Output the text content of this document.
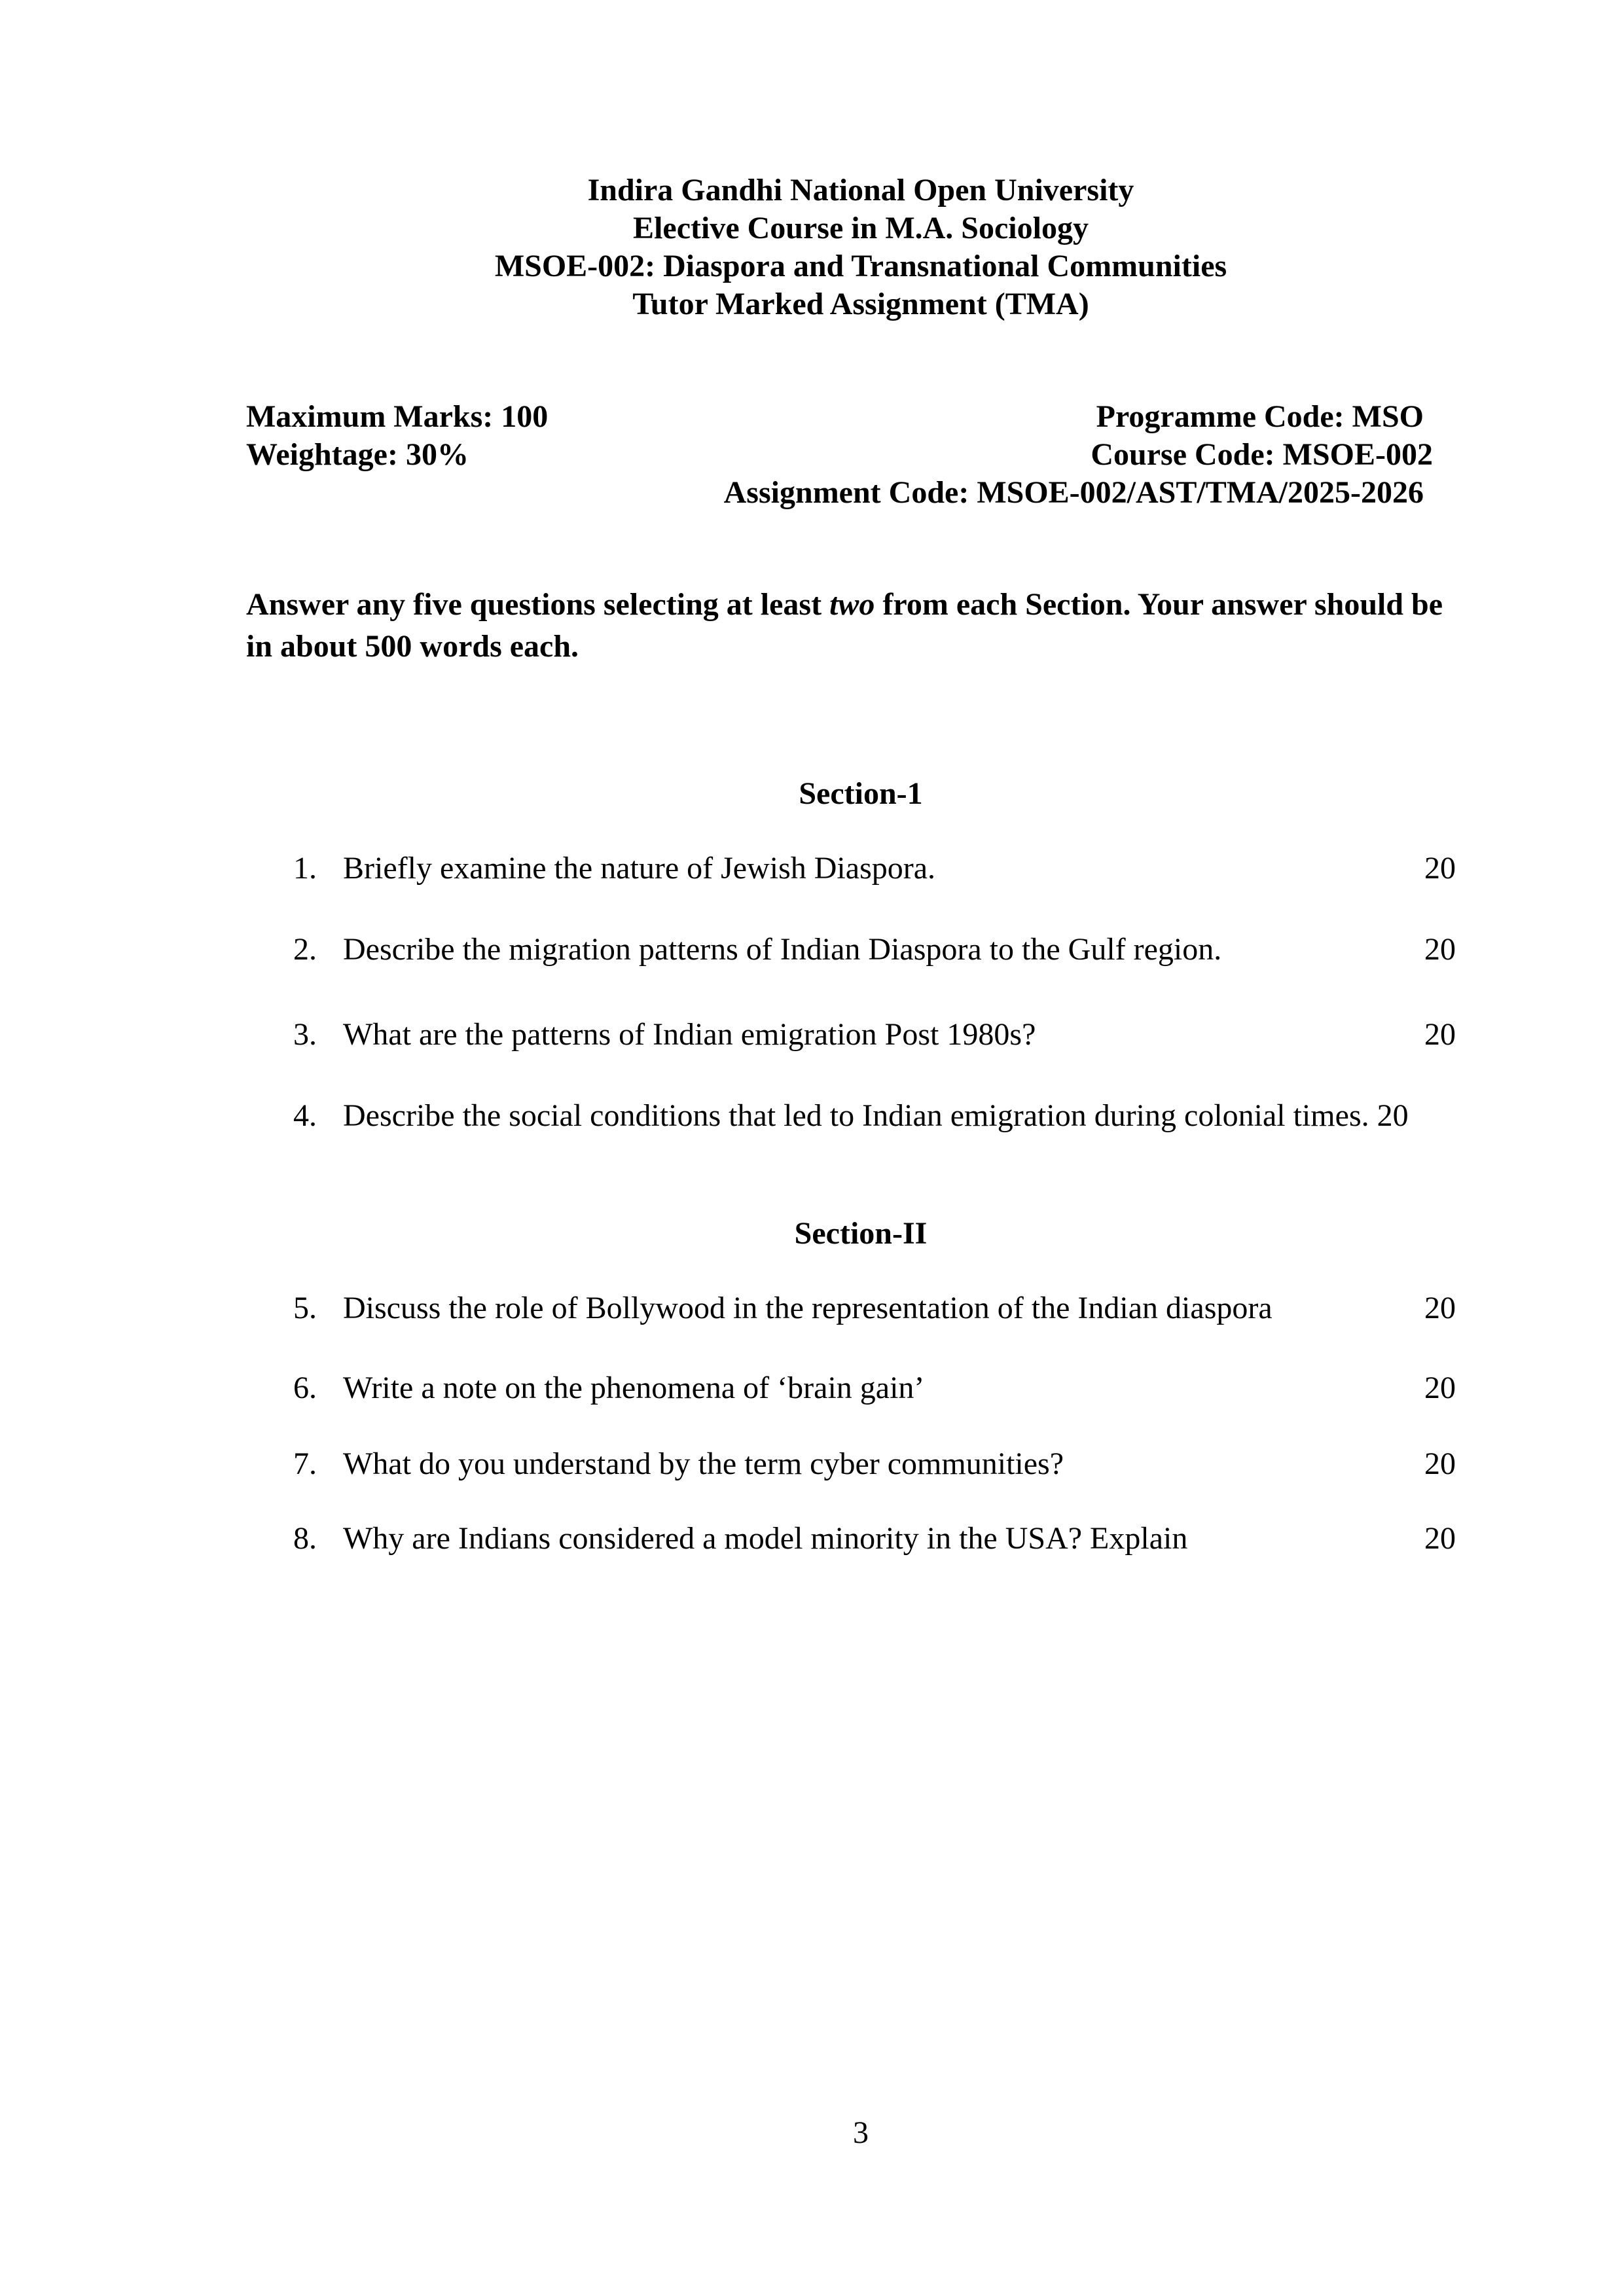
Indira Gandhi National Open University
Elective Course in M.A. Sociology
MSOE-002: Diaspora and Transnational Communities
Tutor Marked Assignment (TMA)
Maximum Marks: 100
Weightage: 30%
Programme Code: MSO
Course Code: MSOE-002
Assignment Code: MSOE-002/AST/TMA/2025-2026
Answer any five questions selecting at least two from each Section. Your answer should be in about 500 words each.
Section-1
1. Briefly examine the nature of Jewish Diaspora.	20
2. Describe the migration patterns of Indian Diaspora to the Gulf region.	20
3. What are the patterns of Indian emigration Post 1980s?	20
4. Describe the social conditions that led to Indian emigration during colonial times. 20
Section-II
5. Discuss the role of Bollywood in the representation of the Indian diaspora	20
6. Write a note on the phenomena of ‘brain gain’	20
7. What do you understand by the term cyber communities?	20
8. Why are Indians considered a model minority in the USA? Explain	20
3
